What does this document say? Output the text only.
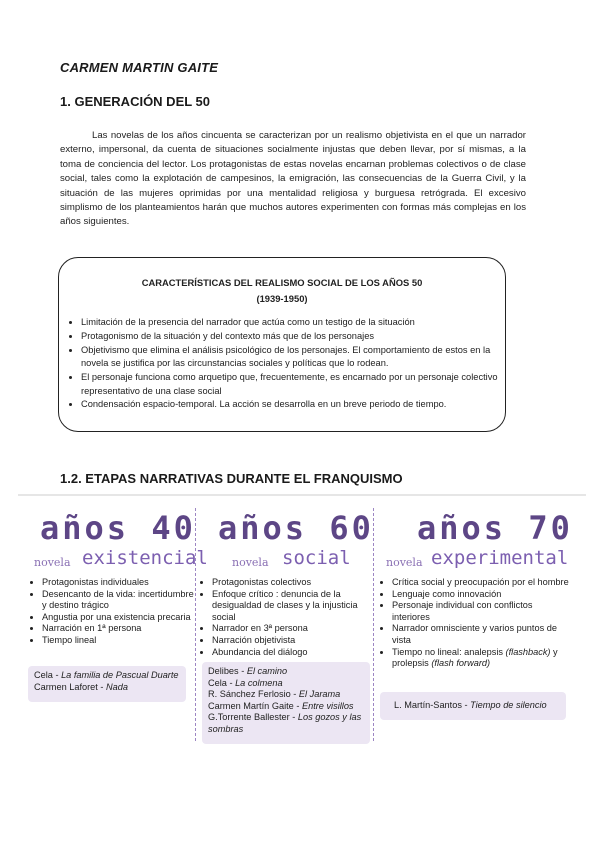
CARMEN MARTIN GAITE
1. GENERACIÓN DEL 50

Las novelas de los años cincuenta se caracterizan por un realismo objetivista en el que un narrador externo, impersonal, da cuenta de situaciones socialmente injustas que deben llevar, por sí mismas, a la toma de conciencia del lector. Los protagonistas de estas novelas encarnan problemas colectivos o de clase social, tales como la explotación de campesinos, la emigración, las consecuencias de la Guerra Civil, y la situación de las mujeres oprimidas por una mentalidad religiosa y burguesa retrógrada. El excesivo simplismo de los planteamientos harán que muchos autores experimenten con formas más complejas en los años siguientes.

CARACTERÍSTICAS DEL REALISMO SOCIAL DE LOS AÑOS 50
(1939-1950)
• Limitación de la presencia del narrador que actúa como un testigo de la situación
• Protagonismo de la situación y del contexto más que de los personajes
• Objetivismo que elimina el análisis psicológico de los personajes. El comportamiento de estos en la novela se justifica por las circunstancias sociales y políticas que lo rodean.
• El personaje funciona como arquetipo que, frecuentemente, es encarnado por un personaje colectivo representativo de una clase social
• Condensación espacio-temporal. La acción se desarrolla en un breve periodo de tiempo.
1.2. ETAPAS NARRATIVAS DURANTE EL FRANQUISMO
años 40
novela existencial
• Protagonistas individuales
• Desencanto de la vida: incertidumbre y destino trágico
• Angustia por una existencia precaria
• Narración en 1ª persona
• Tiempo lineal
Cela - La familia de Pascual Duarte
Carmen Laforet - Nada
años 60
novela social
• Protagonistas colectivos
• Enfoque crítico : denuncia de la desigualdad de clases y la injusticia social
• Narrador en 3ª persona
• Narración objetivista
• Abundancia del diálogo
Delibes - El camino
Cela - La colmena
R. Sánchez Ferlosio - El Jarama
Carmen Martín Gaite - Entre visillos
G.Torrente Ballester - Los gozos y las
sombras
años 70
novela experimental
• Crítica social y preocupación por el hombre
• Lenguaje como innovación
• Personaje individual con conflictos interiores
• Narrador omnisciente y varios puntos de vista
• Tiempo no lineal: analepsis (flashback) y prolepsis (flash forward)
L. Martín-Santos - Tiempo de silencio
